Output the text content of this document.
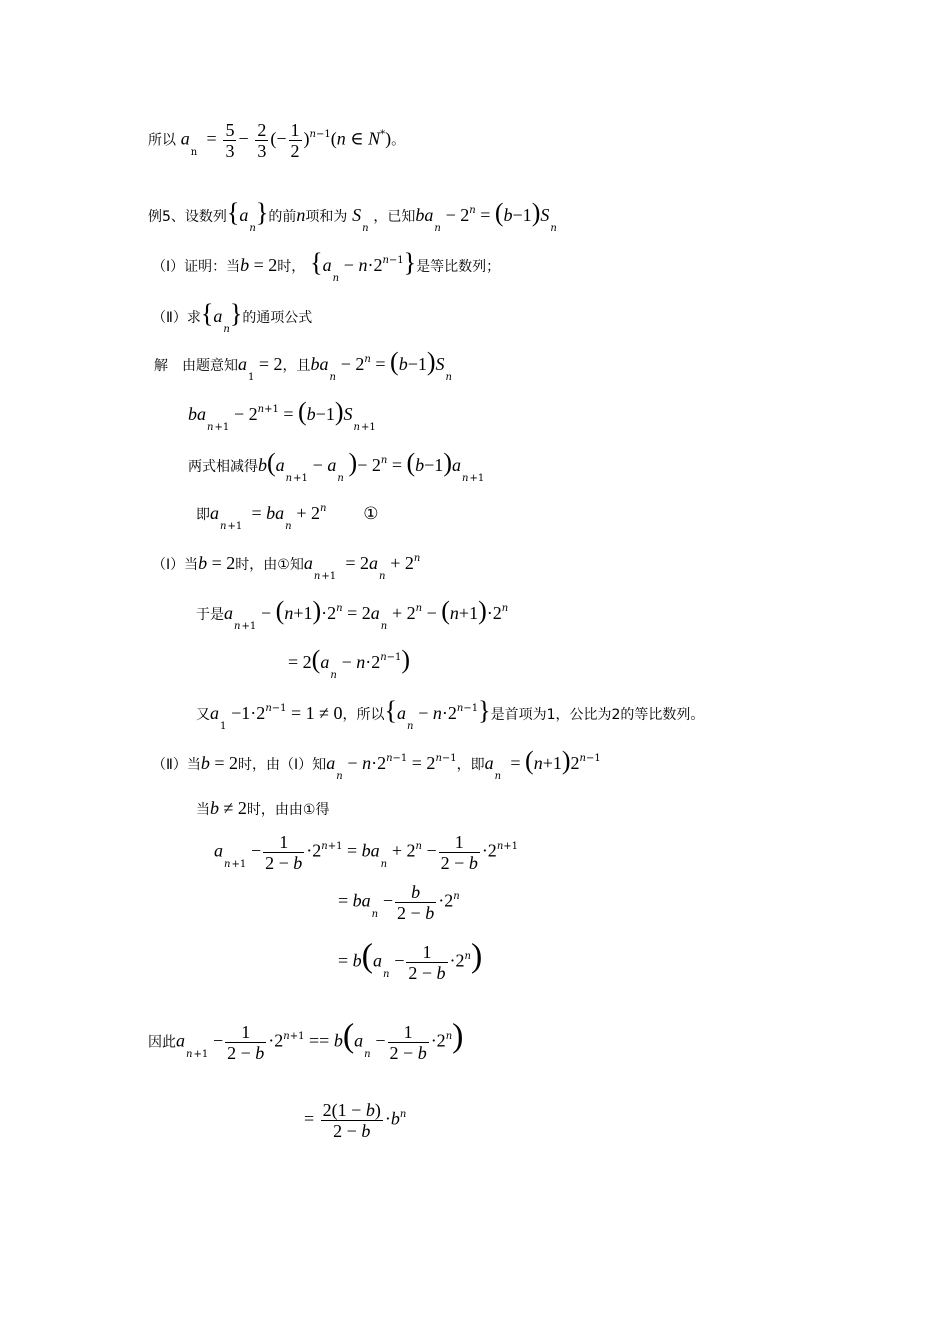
所以 $a_n = \frac{5}{3} - \frac{2}{3}$ (− $\frac{1}{2} )^{n-1}(n$ ∈ N*)。
例5、设数列$\{a_n\}$的前n项和为 $S_n$ ，已知$ba_n - 2^n = (b-1)S_n$
（Ⅰ）证明：当b = 2时， $\{a_n - n\cdot 2^{n-1}\}$是等比数列；
（Ⅱ）求$\{a_n\}$的通项公式
解　由题意知$a_1 = 2$，且$ba_n - 2^n = (b-1)S_n$
$ba_{n+1} - 2^{n+1} = (b-1)S_{n+1}$
两式相减得$b(a_{n+1} - a_n$ )− $2^n = (b-1)a_{n+1}$
即$a_{n+1} = ba_n + 2^n$ ①
（Ⅰ）当b = 2时，由①知$a_{n+1} = 2a_n + 2^n$
于是$a_{n+1} - (n+1)\cdot 2^n = 2a_n + 2^n - (n+1)\cdot 2^n$
= $2(a_n - n\cdot 2^{n-1})$
又$a_1 -1\cdot 2^{n-1} = 1 \ne 0$，所以$\{a_n - n\cdot 2^{n-1}\}$是首项为1，公比为2的等比数列。
（Ⅱ）当b = 2时，由（Ⅰ）知$a_n - n\cdot 2^{n-1} = 2^{n-1}$，即$a_n = (n+1)2^{n-1}$
当b ≠ 2时，由由①得
$a_{n+1} - \frac{1}{2 - b} \cdot 2^{n+1} = ba_n + 2^n - \frac{1}{2 - b} \cdot 2^{n+1}$
= $ba_n - \frac{b}{2 - b} \cdot 2^n$
= $b(a_n - \frac{1}{2 - b} \cdot 2^n)$
因此$a_{n+1} - \frac{1}{2 - b} \cdot 2^{n+1} == b(a_n - \frac{1}{2 - b} \cdot 2^n)$
= $\frac{2(1 - b)}{2 - b} \cdot b^n$
